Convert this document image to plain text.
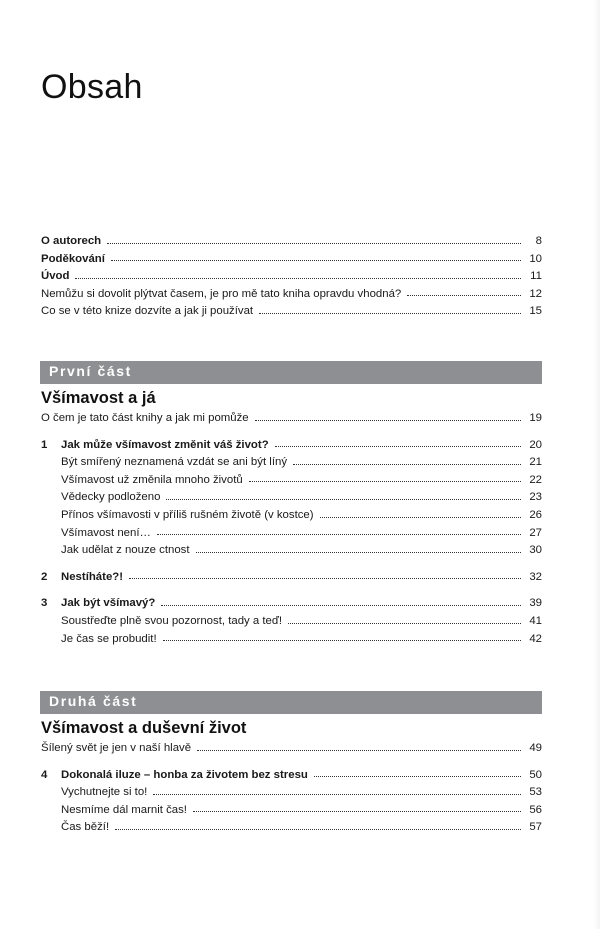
Obsah
O autorech	8
Poděkování	10
Úvod	11
Nemůžu si dovolit plýtvat časem, je pro mě tato kniha opravdu vhodná?	12
Co se v této knize dozvíte a jak ji používat	15
První část
Všímavost a já
O čem je tato část knihy a jak mi pomůže	19
1	Jak může všímavost změnit váš život?	20
Být smířený neznamená vzdát se ani být líný	21
Všímavost už změnila mnoho životů	22
Vědecky podloženo	23
Přínos všímavosti v příliš rušném životě (v kostce)	26
Všímavost není…	27
Jak udělat z nouze ctnost	30
2	Nestíháte?!	32
3	Jak být všímavý?	39
Soustřeďte plně svou pozornost, tady a teď!	41
Je čas se probudit!	42
Druhá část
Všímavost a duševní život
Šílený svět je jen v naší hlavě	49
4	Dokonalá iluze – honba za životem bez stresu	50
Vychutnejte si to!	53
Nesmíme dál marnit čas!	56
Čas běží!	57
